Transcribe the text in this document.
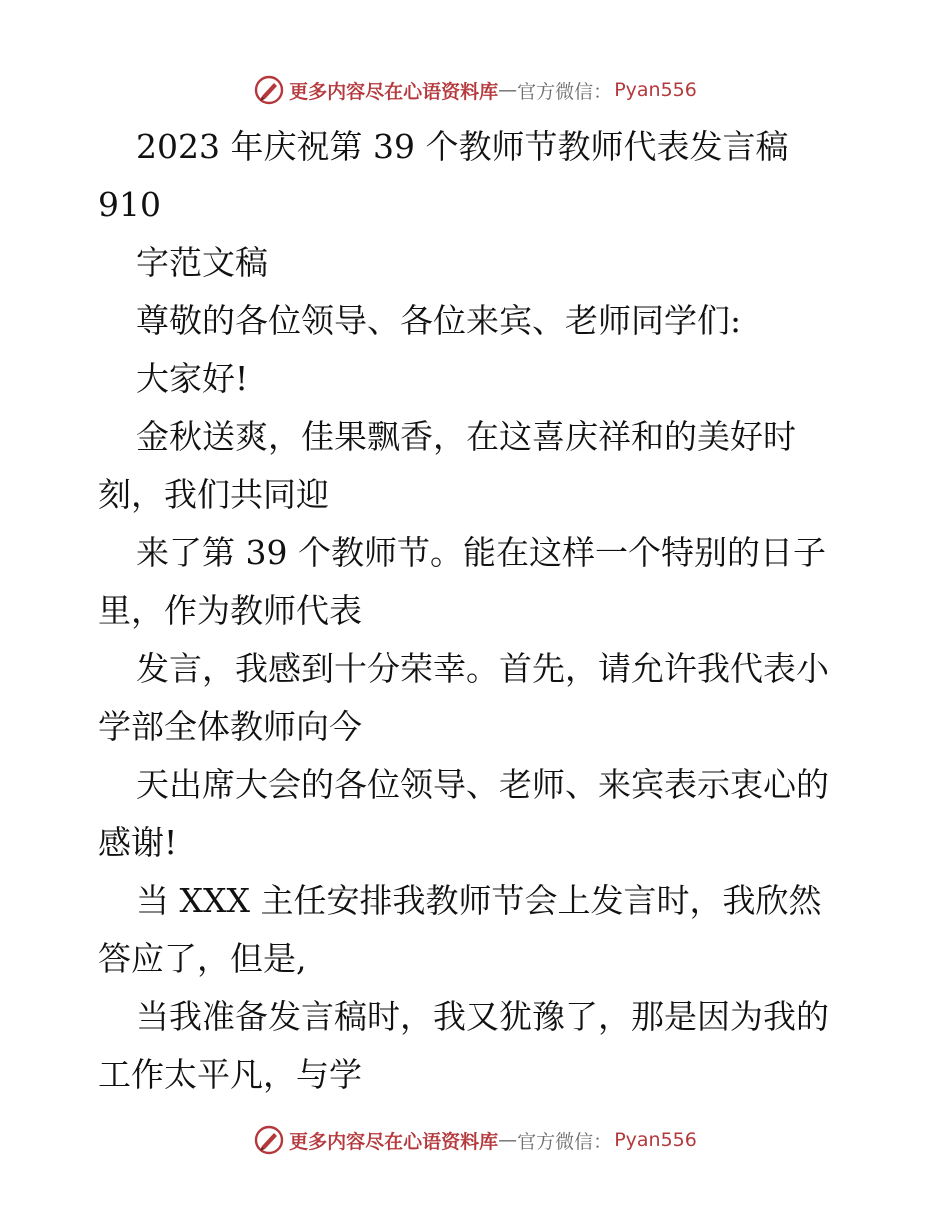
更多内容尽在心语资料库 — 官方微信： Pyan556
2023 年庆祝第 39 个教师节教师代表发言稿
910
字范文稿
尊敬的各位领导、各位来宾、老师同学们:
大家好!
金秋送爽，佳果飘香，在这喜庆祥和的美好时
刻，我们共同迎
来了第 39 个教师节。能在这样一个特别的日子
里，作为教师代表
发言，我感到十分荣幸。首先，请允许我代表小
学部全体教师向今
天出席大会的各位领导、老师、来宾表示衷心的
感谢!
当 XXX 主任安排我教师节会上发言时，我欣然
答应了，但是,
当我准备发言稿时，我又犹豫了，那是因为我的
工作太平凡，与学
更多内容尽在心语资料库 — 官方微信： Pyan556
